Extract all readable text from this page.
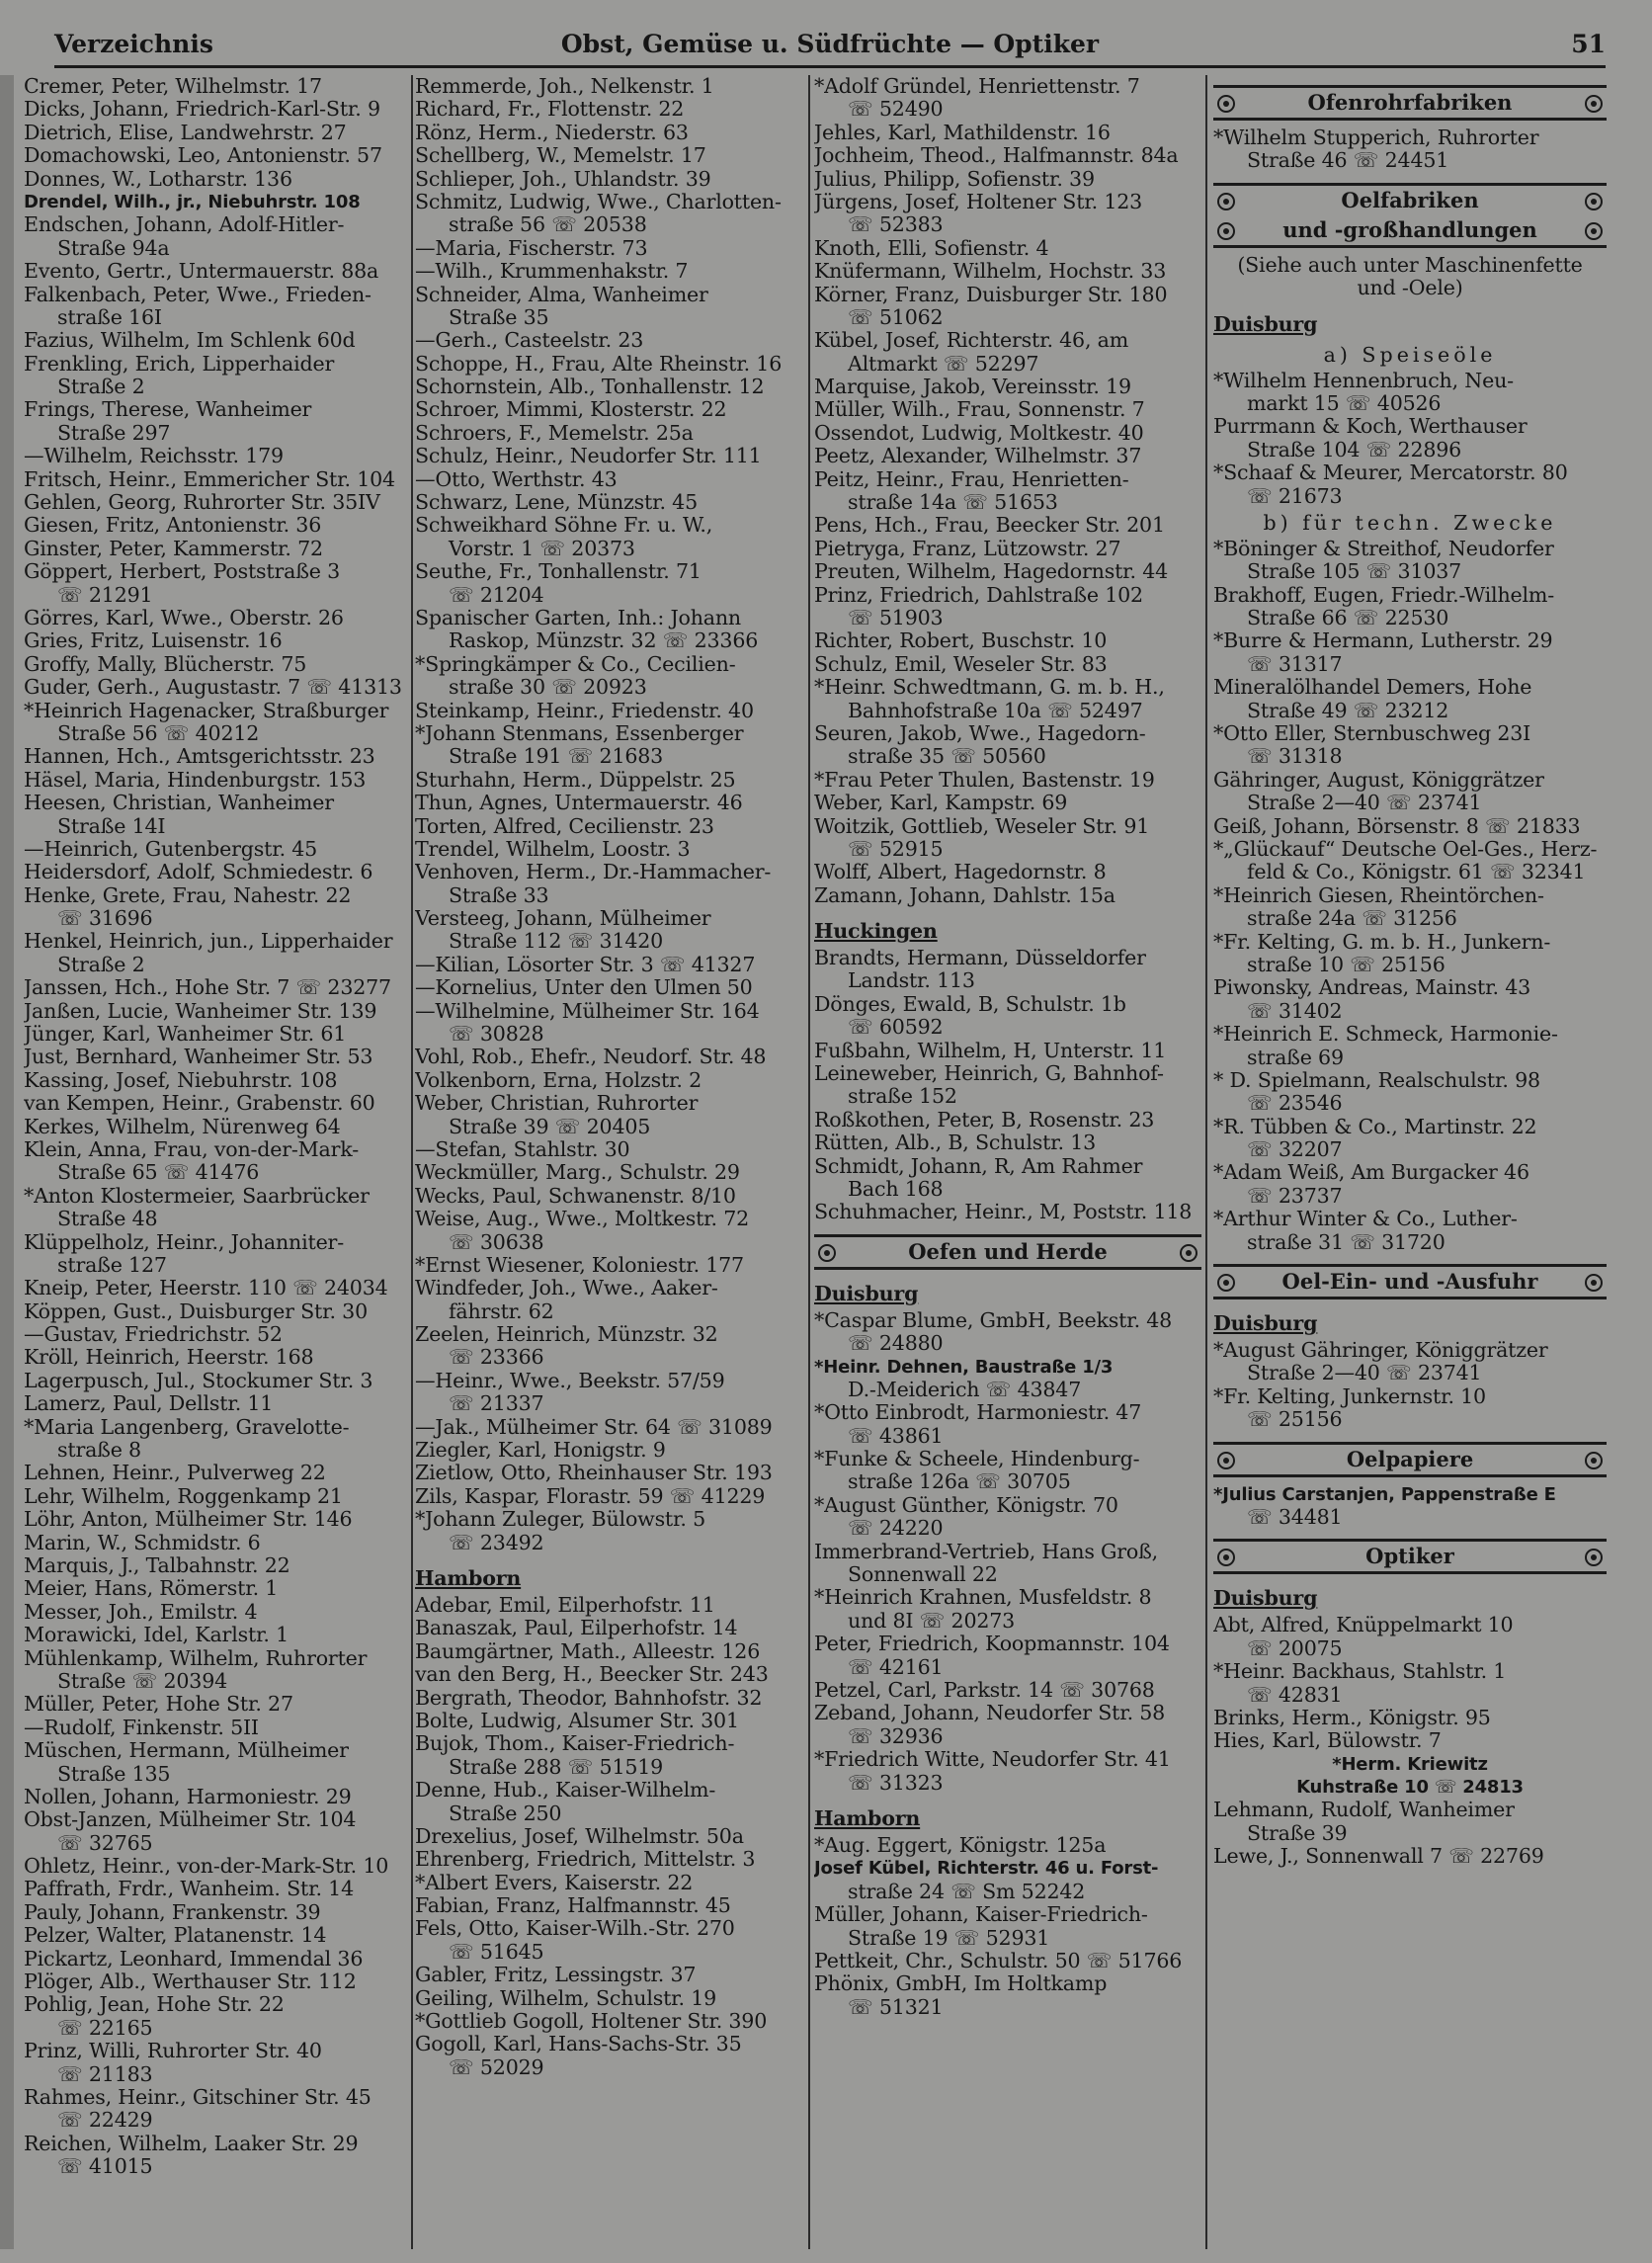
Verzeichnis	Obst, Gemüse u. Südfrüchte — Optiker	51
Cremer, Peter, Wilhelmstr. 17
Dicks, Johann, Friedrich-Karl-Str. 9
Dietrich, Elise, Landwehrstr. 27
Domachowski, Leo, Antonienstr. 57
Donnes, W., Lotharstr. 136
Drendel, Wilh., jr., Niebuhrstr. 108
Endschen, Johann, Adolf-Hitler-
Straße 94a
Evento, Gertr., Untermauerstr. 88a
Falkenbach, Peter, Wwe., Frieden-
straße 16I
Fazius, Wilhelm, Im Schlenk 60d
Frenkling, Erich, Lipperhaider
Straße 2
Frings, Therese, Wanheimer
Straße 297
—Wilhelm, Reichsstr. 179
Fritsch, Heinr., Emmericher Str. 104
Gehlen, Georg, Ruhrorter Str. 35IV
Giesen, Fritz, Antonienstr. 36
Ginster, Peter, Kammerstr. 72
Göppert, Herbert, Poststraße 3
☏ 21291
Görres, Karl, Wwe., Oberstr. 26
Gries, Fritz, Luisenstr. 16
Groffy, Mally, Blücherstr. 75
Guder, Gerh., Augustastr. 7 ☏ 41313
*Heinrich Hagenacker, Straßburger
Straße 56 ☏ 40212
Hannen, Hch., Amtsgerichtsstr. 23
Häsel, Maria, Hindenburgstr. 153
Heesen, Christian, Wanheimer
Straße 14I
—Heinrich, Gutenbergstr. 45
Heidersdorf, Adolf, Schmiedestr. 6
Henke, Grete, Frau, Nahestr. 22
☏ 31696
Henkel, Heinrich, jun., Lipperhaider
Straße 2
Janssen, Hch., Hohe Str. 7 ☏ 23277
Janßen, Lucie, Wanheimer Str. 139
Jünger, Karl, Wanheimer Str. 61
Just, Bernhard, Wanheimer Str. 53
Kassing, Josef, Niebuhrstr. 108
van Kempen, Heinr., Grabenstr. 60
Kerkes, Wilhelm, Nürenweg 64
Klein, Anna, Frau, von-der-Mark-
Straße 65 ☏ 41476
*Anton Klostermeier, Saarbrücker
Straße 48
Klüppelholz, Heinr., Johanniter-
straße 127
Kneip, Peter, Heerstr. 110 ☏ 24034
Köppen, Gust., Duisburger Str. 30
—Gustav, Friedrichstr. 52
Kröll, Heinrich, Heerstr. 168
Lagerpusch, Jul., Stockumer Str. 3
Lamerz, Paul, Dellstr. 11
*Maria Langenberg, Gravelotte-
straße 8
Lehnen, Heinr., Pulverweg 22
Lehr, Wilhelm, Roggenkamp 21
Löhr, Anton, Mülheimer Str. 146
Marin, W., Schmidstr. 6
Marquis, J., Talbahnstr. 22
Meier, Hans, Römerstr. 1
Messer, Joh., Emilstr. 4
Morawicki, Idel, Karlstr. 1
Mühlenkamp, Wilhelm, Ruhrorter
Straße ☏ 20394
Müller, Peter, Hohe Str. 27
—Rudolf, Finkenstr. 5II
Müschen, Hermann, Mülheimer
Straße 135
Nollen, Johann, Harmoniestr. 29
Obst-Janzen, Mülheimer Str. 104
☏ 32765
Ohletz, Heinr., von-der-Mark-Str. 10
Paffrath, Frdr., Wanheim. Str. 14
Pauly, Johann, Frankenstr. 39
Pelzer, Walter, Platanenstr. 14
Pickartz, Leonhard, Immendal 36
Plöger, Alb., Werthauser Str. 112
Pohlig, Jean, Hohe Str. 22
☏ 22165
Prinz, Willi, Ruhrorter Str. 40
☏ 21183
Rahmes, Heinr., Gitschiner Str. 45
☏ 22429
Reichen, Wilhelm, Laaker Str. 29
☏ 41015
Remmerde, Joh., Nelkenstr. 1
Richard, Fr., Flottenstr. 22
Rönz, Herm., Niederstr. 63
Schellberg, W., Memelstr. 17
Schlieper, Joh., Uhlandstr. 39
Schmitz, Ludwig, Wwe., Charlotten-
straße 56 ☏ 20538
—Maria, Fischerstr. 73
—Wilh., Krummenhakstr. 7
Schneider, Alma, Wanheimer
Straße 35
—Gerh., Casteelstr. 23
Schoppe, H., Frau, Alte Rheinstr. 16
Schornstein, Alb., Tonhallenstr. 12
Schroer, Mimmi, Klosterstr. 22
Schroers, F., Memelstr. 25a
Schulz, Heinr., Neudorfer Str. 111
—Otto, Werthstr. 43
Schwarz, Lene, Münzstr. 45
Schweikhard Söhne Fr. u. W.,
Vorstr. 1 ☏ 20373
Seuthe, Fr., Tonhallenstr. 71
☏ 21204
Spanischer Garten, Inh.: Johann
Raskop, Münzstr. 32 ☏ 23366
*Springkämper & Co., Cecilien-
straße 30 ☏ 20923
Steinkamp, Heinr., Friedenstr. 40
*Johann Stenmans, Essenberger
Straße 191 ☏ 21683
Sturhahn, Herm., Düppelstr. 25
Thun, Agnes, Untermauerstr. 46
Torten, Alfred, Cecilienstr. 23
Trendel, Wilhelm, Loostr. 3
Venhoven, Herm., Dr.-Hammacher-
Straße 33
Versteeg, Johann, Mülheimer
Straße 112 ☏ 31420
—Kilian, Lösorter Str. 3 ☏ 41327
—Kornelius, Unter den Ulmen 50
—Wilhelmine, Mülheimer Str. 164
☏ 30828
Vohl, Rob., Ehefr., Neudorf. Str. 48
Volkenborn, Erna, Holzstr. 2
Weber, Christian, Ruhrorter
Straße 39 ☏ 20405
—Stefan, Stahlstr. 30
Weckmüller, Marg., Schulstr. 29
Wecks, Paul, Schwanenstr. 8/10
Weise, Aug., Wwe., Moltkestr. 72
☏ 30638
*Ernst Wiesener, Koloniestr. 177
Windfeder, Joh., Wwe., Aaker-
fährstr. 62
Zeelen, Heinrich, Münzstr. 32
☏ 23366
—Heinr., Wwe., Beekstr. 57/59
☏ 21337
—Jak., Mülheimer Str. 64 ☏ 31089
Ziegler, Karl, Honigstr. 9
Zietlow, Otto, Rheinhauser Str. 193
Zils, Kaspar, Florastr. 59 ☏ 41229
*Johann Zuleger, Bülowstr. 5
☏ 23492
Hamborn
Adebar, Emil, Eilperhofstr. 11
Banaszak, Paul, Eilperhofstr. 14
Baumgärtner, Math., Alleestr. 126
van den Berg, H., Beecker Str. 243
Bergrath, Theodor, Bahnhofstr. 32
Bolte, Ludwig, Alsumer Str. 301
Bujok, Thom., Kaiser-Friedrich-
Straße 288 ☏ 51519
Denne, Hub., Kaiser-Wilhelm-
Straße 250
Drexelius, Josef, Wilhelmstr. 50a
Ehrenberg, Friedrich, Mittelstr. 3
*Albert Evers, Kaiserstr. 22
Fabian, Franz, Halfmannstr. 45
Fels, Otto, Kaiser-Wilh.-Str. 270
☏ 51645
Gabler, Fritz, Lessingstr. 37
Geiling, Wilhelm, Schulstr. 19
*Gottlieb Gogoll, Holtener Str. 390
Gogoll, Karl, Hans-Sachs-Str. 35
☏ 52029
*Adolf Gründel, Henriettenstr. 7
☏ 52490
Jehles, Karl, Mathildenstr. 16
Jochheim, Theod., Halfmannstr. 84a
Julius, Philipp, Sofienstr. 39
Jürgens, Josef, Holtener Str. 123
☏ 52383
Knoth, Elli, Sofienstr. 4
Knüfermann, Wilhelm, Hochstr. 33
Körner, Franz, Duisburger Str. 180
☏ 51062
Kübel, Josef, Richterstr. 46, am
Altmarkt ☏ 52297
Marquise, Jakob, Vereinsstr. 19
Müller, Wilh., Frau, Sonnenstr. 7
Ossendot, Ludwig, Moltkestr. 40
Peetz, Alexander, Wilhelmstr. 37
Peitz, Heinr., Frau, Henrietten-
straße 14a ☏ 51653
Pens, Hch., Frau, Beecker Str. 201
Pietryga, Franz, Lützowstr. 27
Preuten, Wilhelm, Hagedornstr. 44
Prinz, Friedrich, Dahlstraße 102
☏ 51903
Richter, Robert, Buschstr. 10
Schulz, Emil, Weseler Str. 83
*Heinr. Schwedtmann, G. m. b. H.,
Bahnhofstraße 10a ☏ 52497
Seuren, Jakob, Wwe., Hagedorn-
straße 35 ☏ 50560
*Frau Peter Thulen, Bastenstr. 19
Weber, Karl, Kampstr. 69
Woitzik, Gottlieb, Weseler Str. 91
☏ 52915
Wolff, Albert, Hagedornstr. 8
Zamann, Johann, Dahlstr. 15a
Huckingen
Brandts, Hermann, Düsseldorfer
Landstr. 113
Dönges, Ewald, B, Schulstr. 1b
☏ 60592
Fußbahn, Wilhelm, H, Unterstr. 11
Leineweber, Heinrich, G, Bahnhof-
straße 152
Roßkothen, Peter, B, Rosenstr. 23
Rütten, Alb., B, Schulstr. 13
Schmidt, Johann, R, Am Rahmer
Bach 168
Schuhmacher, Heinr., M, Poststr. 118
Oefen und Herde
Duisburg
*Caspar Blume, GmbH, Beekstr. 48
☏ 24880
*Heinr. Dehnen, Baustraße 1/3
D.-Meiderich ☏ 43847
*Otto Einbrodt, Harmoniestr. 47
☏ 43861
*Funke & Scheele, Hindenburg-
straße 126a ☏ 30705
*August Günther, Königstr. 70
☏ 24220
Immerbrand-Vertrieb, Hans Groß,
Sonnenwall 22
*Heinrich Krahnen, Musfeldstr. 8
und 8I ☏ 20273
Peter, Friedrich, Koopmannstr. 104
☏ 42161
Petzel, Carl, Parkstr. 14 ☏ 30768
Zeband, Johann, Neudorfer Str. 58
☏ 32936
*Friedrich Witte, Neudorfer Str. 41
☏ 31323
Hamborn
*Aug. Eggert, Königstr. 125a
Josef Kübel, Richterstr. 46 u. Forst-
straße 24 ☏ Sm 52242
Müller, Johann, Kaiser-Friedrich-
Straße 19 ☏ 52931
Pettkeit, Chr., Schulstr. 50 ☏ 51766
Phönix, GmbH, Im Holtkamp
☏ 51321
Ofenrohrfabriken
*Wilhelm Stupperich, Ruhrorter
Straße 46 ☏ 24451
Oelfabriken
und -großhandlungen
(Siehe auch unter Maschinenfette
und -Oele)
Duisburg
a) Speiseöle
*Wilhelm Hennenbruch, Neu-
markt 15 ☏ 40526
Purrmann & Koch, Werthauser
Straße 104 ☏ 22896
*Schaaf & Meurer, Mercatorstr. 80
☏ 21673
b) für techn. Zwecke
*Böninger & Streithof, Neudorfer
Straße 105 ☏ 31037
Brakhoff, Eugen, Friedr.-Wilhelm-
Straße 66 ☏ 22530
*Burre & Hermann, Lutherstr. 29
☏ 31317
Mineralölhandel Demers, Hohe
Straße 49 ☏ 23212
*Otto Eller, Sternbuschweg 23I
☏ 31318
Gähringer, August, Königgrätzer
Straße 2—40 ☏ 23741
Geiß, Johann, Börsenstr. 8 ☏ 21833
*„Glückauf“ Deutsche Oel-Ges., Herz-
feld & Co., Königstr. 61 ☏ 32341
*Heinrich Giesen, Rheintörchen-
straße 24a ☏ 31256
*Fr. Kelting, G. m. b. H., Junkern-
straße 10 ☏ 25156
Piwonsky, Andreas, Mainstr. 43
☏ 31402
*Heinrich E. Schmeck, Harmonie-
straße 69
* D. Spielmann, Realschulstr. 98
☏ 23546
*R. Tübben & Co., Martinstr. 22
☏ 32207
*Adam Weiß, Am Burgacker 46
☏ 23737
*Arthur Winter & Co., Luther-
straße 31 ☏ 31720
Oel-Ein- und -Ausfuhr
Duisburg
*August Gähringer, Königgrätzer
Straße 2—40 ☏ 23741
*Fr. Kelting, Junkernstr. 10
☏ 25156
Oelpapiere
*Julius Carstanjen, Pappenstraße E
☏ 34481
Optiker
Duisburg
Abt, Alfred, Knüppelmarkt 10
☏ 20075
*Heinr. Backhaus, Stahlstr. 1
☏ 42831
Brinks, Herm., Königstr. 95
Hies, Karl, Bülowstr. 7
*Herm. Kriewitz
Kuhstraße 10 ☏ 24813
Lehmann, Rudolf, Wanheimer
Straße 39
Lewe, J., Sonnenwall 7 ☏ 22769
